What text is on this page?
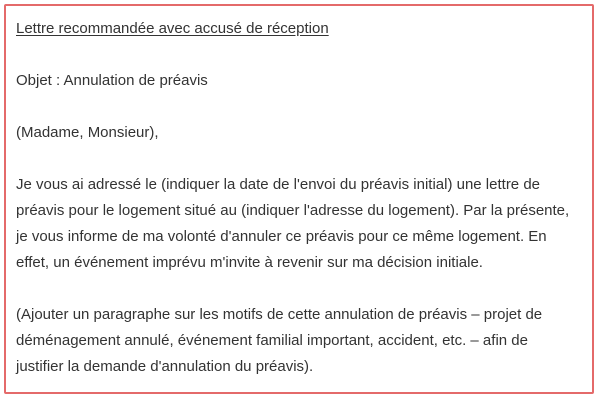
Lettre recommandée avec accusé de réception
Objet : Annulation de préavis
(Madame, Monsieur),
Je vous ai adressé le (indiquer la date de l'envoi du préavis initial) une lettre de
préavis pour le logement situé au (indiquer l'adresse du logement). Par la présente,
je vous informe de ma volonté d'annuler ce préavis pour ce même logement. En
effet, un événement imprévu m'invite à revenir sur ma décision initiale.
(Ajouter un paragraphe sur les motifs de cette annulation de préavis – projet de
déménagement annulé, événement familial important, accident, etc. – afin de
justifier la demande d'annulation du préavis).
